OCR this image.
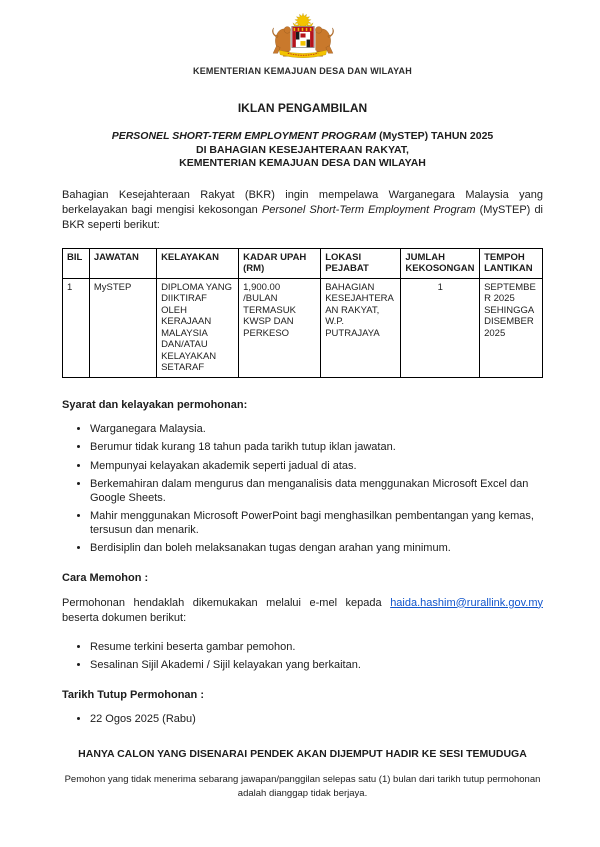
KEMENTERIAN KEMAJUAN DESA DAN WILAYAH
IKLAN PENGAMBILAN
PERSONEL SHORT-TERM EMPLOYMENT PROGRAM (MySTEP) TAHUN 2025
DI BAHAGIAN KESEJAHTERAAN RAKYAT,
KEMENTERIAN KEMAJUAN DESA DAN WILAYAH

Bahagian Kesejahteraan Rakyat (BKR) ingin mempelawa Warganegara Malaysia yang berkelayakan bagi mengisi kekosongan Personel Short-Term Employment Program (MySTEP) di BKR seperti berikut:

BIL	JAWATAN	KELAYAKAN	KADAR UPAH (RM)	LOKASI PEJABAT	JUMLAH KEKOSONGAN	TEMPOH LANTIKAN
1	MySTEP	DIPLOMA YANG DIIKTIRAF OLEH KERAJAAN MALAYSIA DAN/ATAU KELAYAKAN SETARAF	1,900.00 /BULAN TERMASUK KWSP DAN PERKESO	BAHAGIAN KESEJAHTERAAN RAKYAT, W.P. PUTRAJAYA	1	SEPTEMBER 2025 SEHINGGA DISEMBER 2025
Syarat dan kelayakan permohonan:
• Warganegara Malaysia.
• Berumur tidak kurang 18 tahun pada tarikh tutup iklan jawatan.
• Mempunyai kelayakan akademik seperti jadual di atas.
• Berkemahiran dalam mengurus dan menganalisis data menggunakan Microsoft Excel dan Google Sheets.
• Mahir menggunakan Microsoft PowerPoint bagi menghasilkan pembentangan yang kemas, tersusun dan menarik.
• Berdisiplin dan boleh melaksanakan tugas dengan arahan yang minimum.
Cara Memohon :

Permohonan hendaklah dikemukakan melalui e-mel kepada haida.hashim@rurallink.gov.my beserta dokumen berikut:

• Resume terkini beserta gambar pemohon.
• Sesalinan Sijil Akademi / Sijil kelayakan yang berkaitan.
Tarikh Tutup Permohonan :
• 22 Ogos 2025 (Rabu)
HANYA CALON YANG DISENARAI PENDEK AKAN DIJEMPUT HADIR KE SESI TEMUDUGA
Pemohon yang tidak menerima sebarang jawapan/panggilan selepas satu (1) bulan dari tarikh tutup permohonan adalah dianggap tidak berjaya.
